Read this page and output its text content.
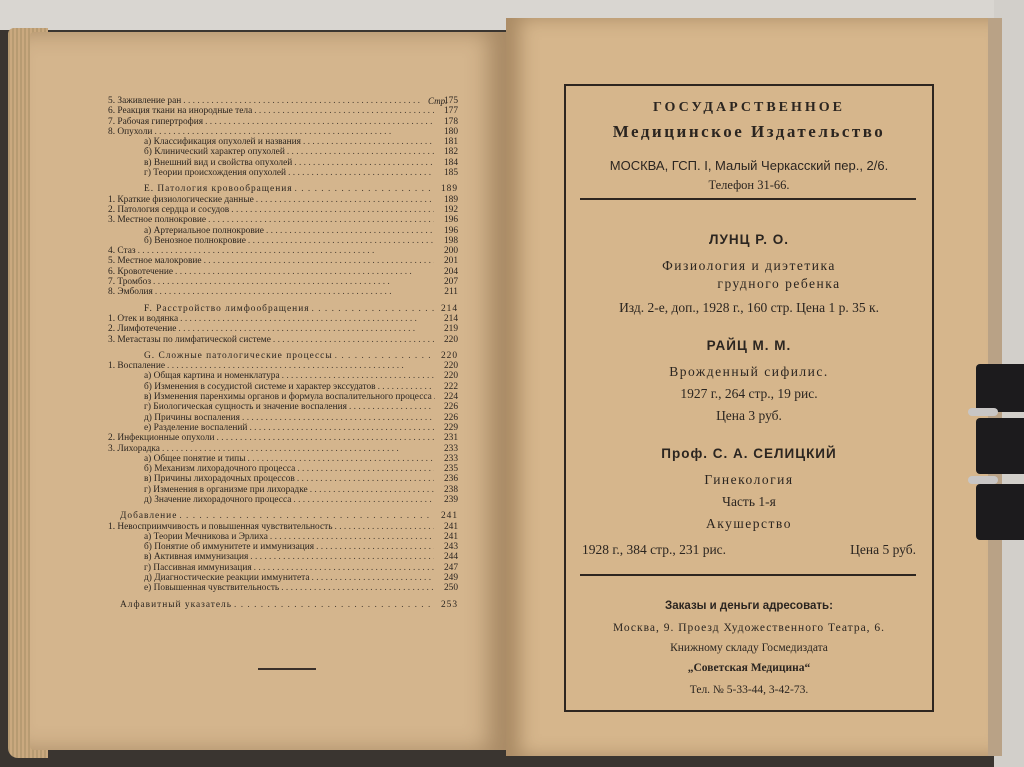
Стр.
5. Заживление ран . . .	175
6. Реакция ткани на инородные тела . . .	177
7. Рабочая гипертрофия . . .	178
8. Опухоли . . .	180
а) Классификация опухолей и названия . . .	181
б) Клинический характер опухолей . . .	182
в) Внешний вид и свойства опухолей . . .	184
г) Теории происхождения опухолей . . .	185
E. Патология кровообращения . . .	189
1. Краткие физиологические данные . . .	189
2. Патология сердца и сосудов . . .	192
3. Местное полнокровие . . .	196
а) Артериальное полнокровие . . .	196
б) Венозное полнокровие . . .	198
4. Стаз . . .	200
5. Местное малокровие . . .	201
6. Кровотечение . . .	204
7. Тромбоз . . .	207
8. Эмболия . . .	211
F. Расстройство лимфообращения . . .	214
1. Отек и водянка . . .	214
2. Лимфотечение . . .	219
3. Метастазы по лимфатической системе . . .	220
G. Сложные патологические процессы . . .	220
1. Воспаление . . .	220
а) Общая картина и номенклатура . . .	220
б) Изменения в сосудистой системе и характер экссудатов . . .	222
в) Изменения паренхимы органов и формула воспалительного процесса . . .	224
г) Биологическая сущность и значение воспаления . . .	226
д) Причины воспаления . . .	226
е) Разделение воспалений . . .	229
2. Инфекционные опухоли . . .	231
3. Лихорадка . . .	233
а) Общее понятие и типы . . .	233
б) Механизм лихорадочного процесса . . .	235
в) Причины лихорадочных процессов . . .	236
г) Изменения в организме при лихорадке . . .	238
д) Значение лихорадочного процесса . . .	239
Добавление . . .	241
1. Невосприимчивость и повышенная чувствительность . . .	241
а) Теории Мечникова и Эрлиха . . .	241
б) Понятие об иммунитете и иммунизация . . .	243
в) Активная иммунизация . . .	244
г) Пассивная иммунизация . . .	247
д) Диагностические реакции иммунитета . . .	249
е) Повышенная чувствительность . . .	250
Алфавитный указатель . . .	253
ГОСУДАРСТВЕННОЕ
Медицинское Издательство
МОСКВА, ГСП. I, Малый Черкасский пер., 2/6.
Телефон 31-66.
ЛУНЦ Р. О.
Физиология и диэтетика
грудного ребенка
Изд. 2-е, доп., 1928 г., 160 стр. Цена 1 р. 35 к.
РАЙЦ М. М.
Врожденный сифилис.
1927 г., 264 стр., 19 рис.
Цена 3 руб.
Проф. С. А. СЕЛИЦКИЙ
Гинекология
Часть 1-я
Акушерство
1928 г., 384 стр., 231 рис.	Цена 5 руб.
Заказы и деньги адресовать:
Москва, 9. Проезд Художественного Театра, 6.
Книжному складу Госмедиздата
„Советская Медицина“
Тел. № 5-33-44, 3-42-73.
